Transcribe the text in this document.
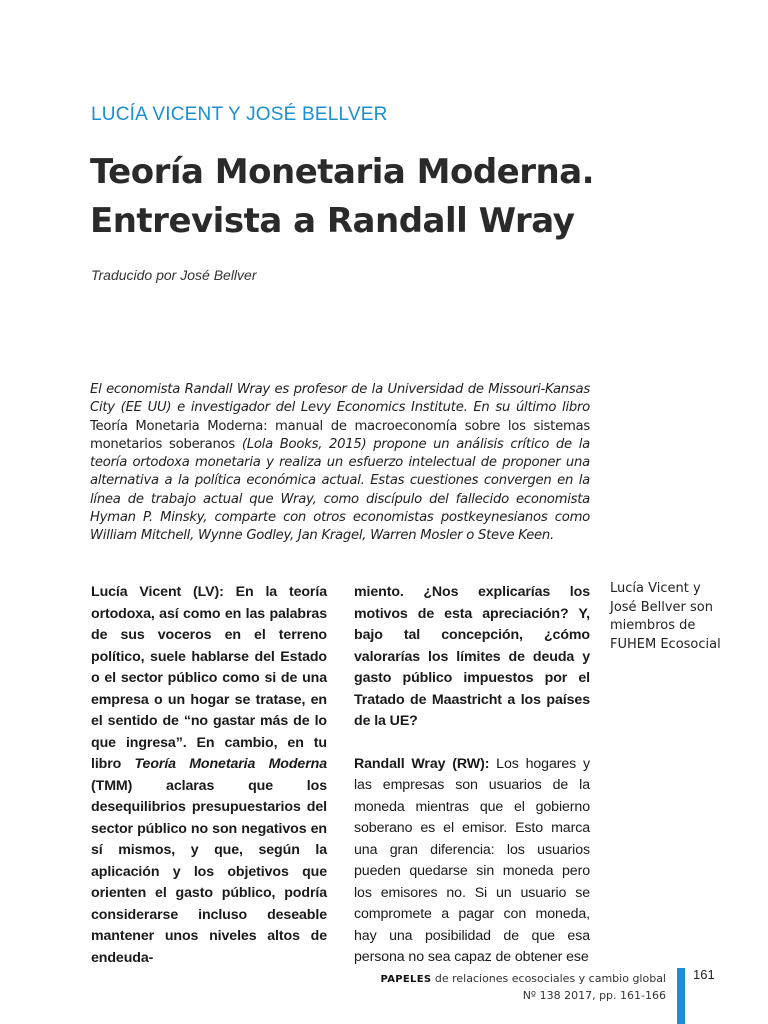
LUCÍA VICENT Y JOSÉ BELLVER
Teoría Monetaria Moderna.
Entrevista a Randall Wray
Traducido por José Bellver
El economista Randall Wray es profesor de la Universidad de Missouri-Kansas City (EE UU) e investigador del Levy Economics Institute. En su último libro Teoría Monetaria Moderna: manual de macroeconomía sobre los sistemas monetarios soberanos (Lola Books, 2015) propone un análisis crítico de la teoría ortodoxa monetaria y realiza un esfuerzo intelectual de proponer una alternativa a la política económica actual. Estas cuestiones convergen en la línea de trabajo actual que Wray, como discípulo del fallecido economista Hyman P. Minsky, comparte con otros economistas postkeynesianos como William Mitchell, Wynne Godley, Jan Kragel, Warren Mosler o Steve Keen.

Lucía Vicent (LV): En la teoría ortodoxa, así como en las palabras de sus voceros en el terreno político, suele hablarse del Estado o el sector público como si de una empresa o un hogar se tratase, en el sentido de “no gastar más de lo que ingresa”. En cambio, en tu libro Teoría Monetaria Moderna (TMM) aclaras que los desequilibrios presupuestarios del sector público no son negativos en sí mismos, y que, según la aplicación y los objetivos que orienten el gasto público, podría considerarse incluso deseable mantener unos niveles altos de endeuda-

miento. ¿Nos explicarías los motivos de esta apreciación? Y, bajo tal concepción, ¿cómo valorarías los límites de deuda y gasto público impuestos por el Tratado de Maastricht a los países de la UE?

Randall Wray (RW): Los hogares y las empresas son usuarios de la moneda mientras que el gobierno soberano es el emisor. Esto marca una gran diferencia: los usuarios pueden quedarse sin moneda pero los emisores no. Si un usuario se compromete a pagar con moneda, hay una posibilidad de que esa persona no sea capaz de obtener ese

Lucía Vicent y
José Bellver son
miembros de
FUHEM Ecosocial
PAPELES de relaciones ecosociales y cambio global
Nº 138 2017, pp. 161-166
161
